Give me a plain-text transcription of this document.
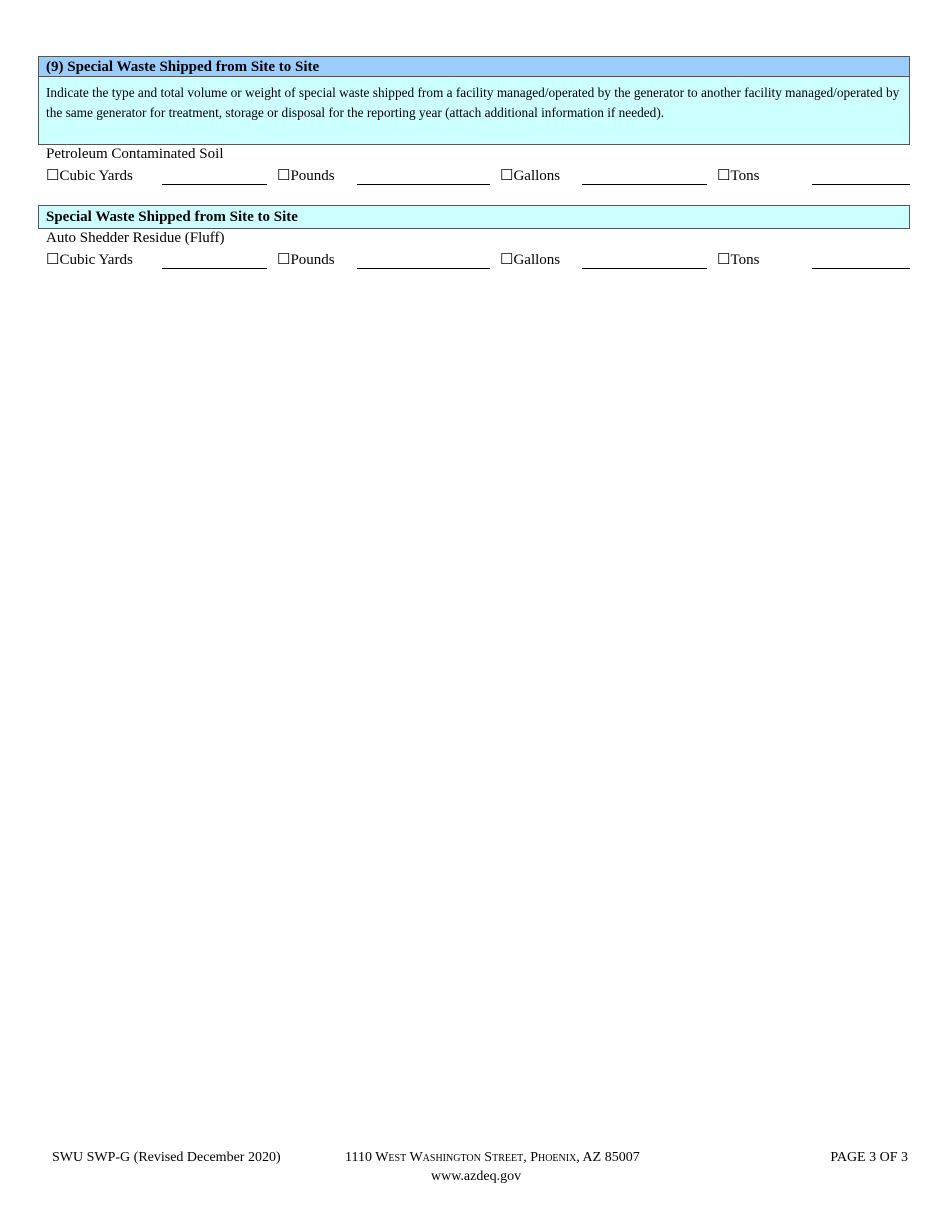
(9) Special Waste Shipped from Site to Site
Indicate the type and total volume or weight of special waste shipped from a facility managed/operated by the generator to another facility managed/operated by the same generator for treatment, storage or disposal for the reporting year (attach additional information if needed).
Petroleum Contaminated Soil
☐Cubic Yards	☐Pounds	☐Gallons	☐Tons
Special Waste Shipped from Site to Site
Auto Shedder Residue (Fluff)
☐Cubic Yards	☐Pounds	☐Gallons	☐Tons
SWU SWP-G (Revised December 2020)	1110 West Washington Street, Phoenix, AZ 85007
www.azdeq.gov
PAGE 3 OF 3
